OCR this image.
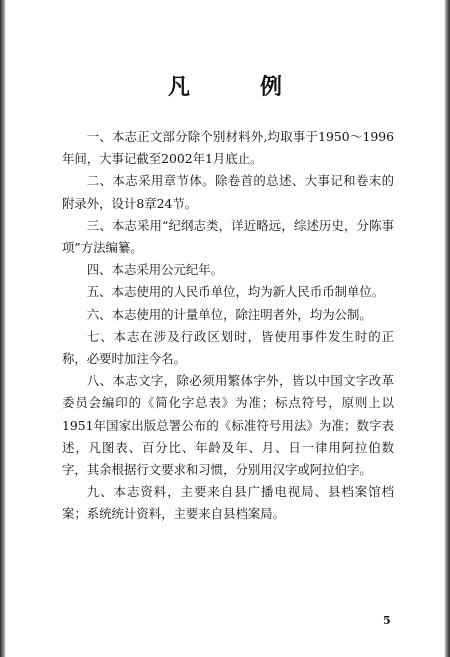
凡　例

一、本志正文部分除个别材料外,均取事于1950～1996年间，大事记截至2002年1月底止。

二、本志采用章节体。除卷首的总述、大事记和卷末的附录外，设计8章24节。

三、本志采用“纪纲志类，详近略远，综述历史，分陈事项”方法编纂。

四、本志采用公元纪年。

五、本志使用的人民币单位，均为新人民币币制单位。

六、本志使用的计量单位，除注明者外，均为公制。

七、本志在涉及行政区划时，皆使用事件发生时的正称，必要时加注今名。

八、本志文字，除必须用繁体字外，皆以中国文字改革委员会编印的《简化字总表》为准；标点符号，原则上以1951年国家出版总署公布的《标准符号用法》为准；数字表述，凡图表、百分比、年龄及年、月、日一律用阿拉伯数字，其余根据行文要求和习惯，分别用汉字或阿拉伯字。

九、本志资料，主要来自县广播电视局、县档案馆档案；系统统计资料，主要来自县档案局。

5
